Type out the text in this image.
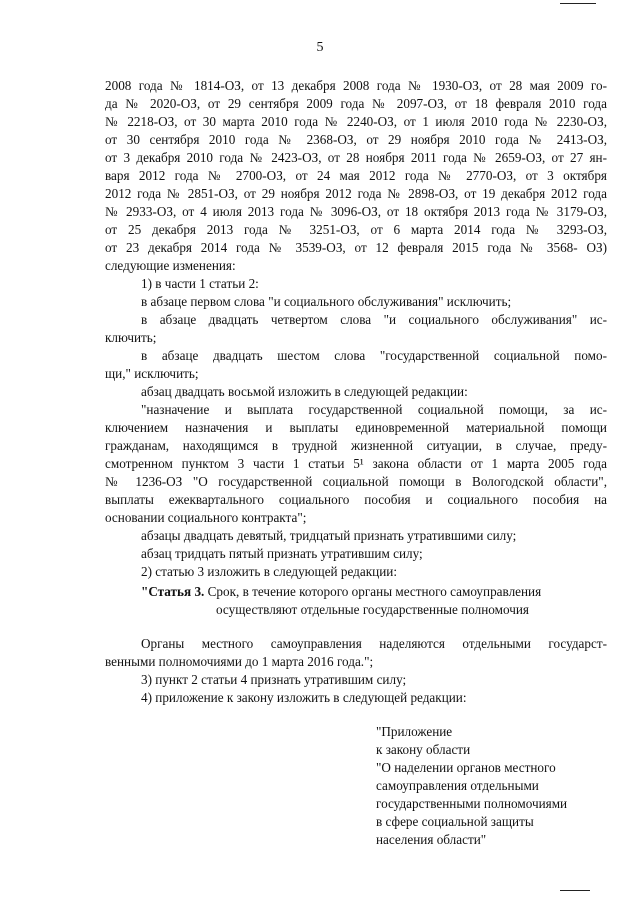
5
2008 года № 1814-ОЗ, от 13 декабря 2008 года № 1930-ОЗ, от 28 мая 2009 го-
да № 2020-ОЗ, от 29 сентября 2009 года № 2097-ОЗ, от 18 февраля 2010 года
№ 2218-ОЗ, от 30 марта 2010 года № 2240-ОЗ, от 1 июля 2010 года № 2230-ОЗ,
от 30 сентября 2010 года № 2368-ОЗ, от 29 ноября 2010 года № 2413-ОЗ,
от 3 декабря 2010 года № 2423-ОЗ, от 28 ноября 2011 года № 2659-ОЗ, от 27 ян-
варя 2012 года № 2700-ОЗ, от 24 мая 2012 года № 2770-ОЗ, от 3 октября
2012 года № 2851-ОЗ, от 29 ноября 2012 года № 2898-ОЗ, от 19 декабря 2012 года
№ 2933-ОЗ, от 4 июля 2013 года № 3096-ОЗ, от 18 октября 2013 года № 3179-ОЗ,
от 25 декабря 2013 года № 3251-ОЗ, от 6 марта 2014 года № 3293-ОЗ,
от 23 декабря 2014 года № 3539-ОЗ, от 12 февраля 2015 года № 3568- ОЗ)
следующие изменения:
1) в части 1 статьи 2:
в абзаце первом слова "и социального обслуживания" исключить;
в абзаце двадцать четвертом слова "и социального обслуживания" ис-
ключить;
в абзаце двадцать шестом слова "государственной социальной помо-
щи," исключить;
абзац двадцать восьмой изложить в следующей редакции:
"назначение и выплата государственной социальной помощи, за ис-
ключением назначения и выплаты единовременной материальной помощи
гражданам, находящимся в трудной жизненной ситуации, в случае, преду-
смотренном пунктом 3 части 1 статьи 5¹ закона области от 1 марта 2005 года
№ 1236-ОЗ "О государственной социальной помощи в Вологодской области",
выплаты ежеквартального социального пособия и социального пособия на
основании социального контракта";
абзацы двадцать девятый, тридцатый признать утратившими силу;
абзац тридцать пятый признать утратившим силу;
2) статью 3 изложить в следующей редакции:
"Статья 3. Срок, в течение которого органы местного самоуправления
осуществляют отдельные государственные полномочия
Органы местного самоуправления наделяются отдельными государст-
венными полномочиями до 1 марта 2016 года.";
3) пункт 2 статьи 4 признать утратившим силу;
4) приложение к закону изложить в следующей редакции:
"Приложение
к закону области
"О наделении органов местного
самоуправления отдельными
государственными полномочиями
в сфере социальной защиты
населения области"
